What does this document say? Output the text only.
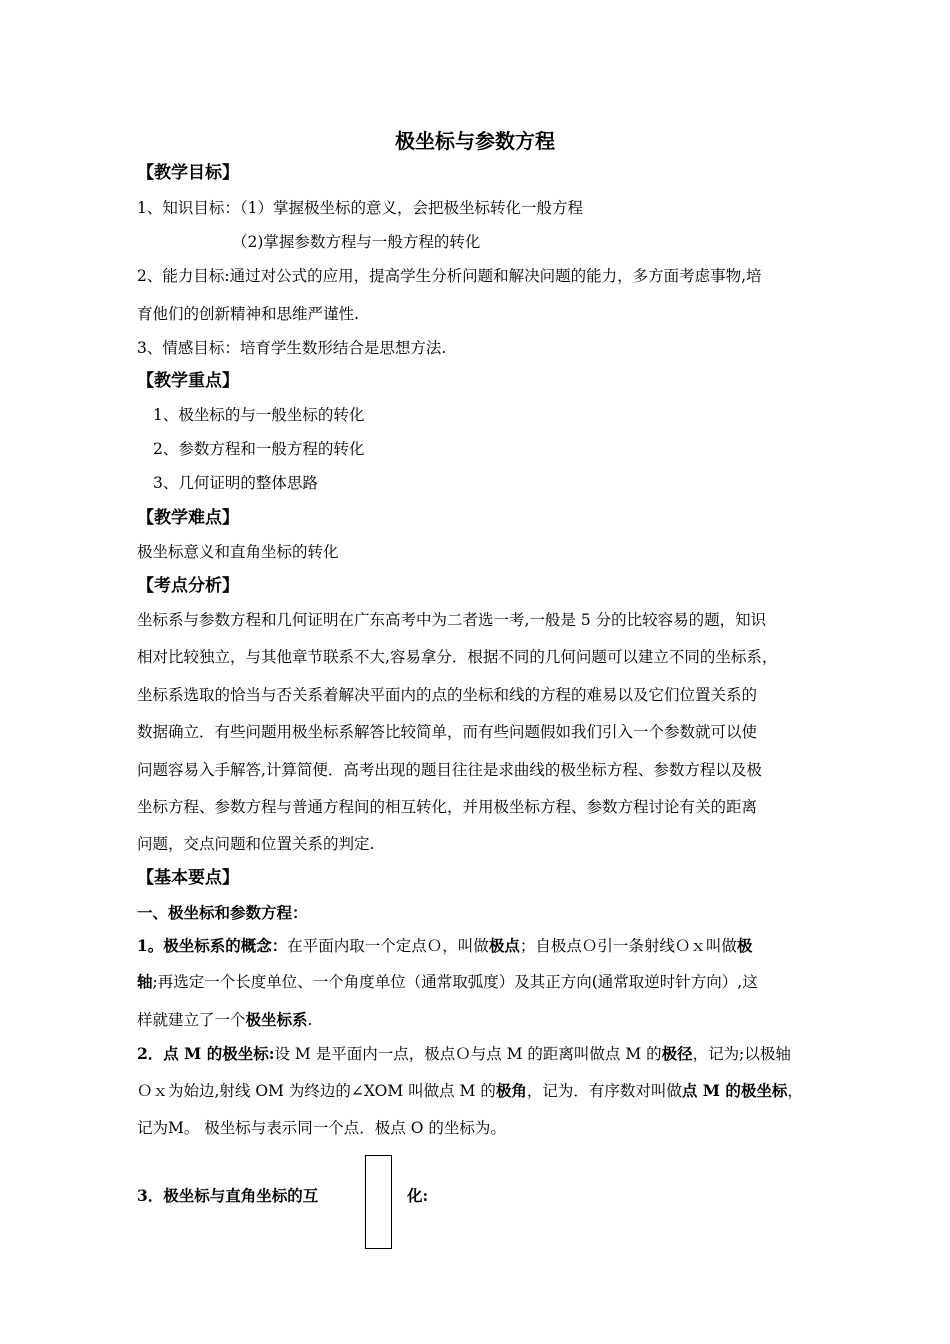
极坐标与参数方程
【教学目标】
1、知识目标：（1）掌握极坐标的意义，会把极坐标转化一般方程
（2)掌握参数方程与一般方程的转化
2、能力目标:通过对公式的应用，提高学生分析问题和解决问题的能力，多方面考虑事物,培
育他们的创新精神和思维严谨性.
3、情感目标：培育学生数形结合是思想方法.
【教学重点】
1、极坐标的与一般坐标的转化
2、参数方程和一般方程的转化
3、几何证明的整体思路
【教学难点】
极坐标意义和直角坐标的转化
【考点分析】
坐标系与参数方程和几何证明在广东高考中为二者选一考,一般是 5 分的比较容易的题，知识
相对比较独立，与其他章节联系不大,容易拿分．根据不同的几何问题可以建立不同的坐标系，
坐标系选取的恰当与否关系着解决平面内的点的坐标和线的方程的难易以及它们位置关系的
数据确立．有些问题用极坐标系解答比较简单，而有些问题假如我们引入一个参数就可以使
问题容易入手解答,计算简便．高考出现的题目往往是求曲线的极坐标方程、参数方程以及极
坐标方程、参数方程与普通方程间的相互转化，并用极坐标方程、参数方程讨论有关的距离
问题，交点问题和位置关系的判定.
【基本要点】
一、极坐标和参数方程：
1。极坐标系的概念：在平面内取一个定点Ｏ，叫做极点；自极点Ｏ引一条射线Ｏｘ叫做极
轴;再选定一个长度单位、一个角度单位（通常取弧度）及其正方向(通常取逆时针方向）,这
样就建立了一个极坐标系.
2．点 M 的极坐标:设 M 是平面内一点，极点Ｏ与点 M 的距离叫做点 M 的极径，记为;以极轴
Ｏｘ为始边,射线 OM 为终边的∠XOM 叫做点 M 的极角，记为．有序数对叫做点 M 的极坐标，
记为M。 极坐标与表示同一个点．极点 O 的坐标为。
3．极坐标与直角坐标的互	化:
